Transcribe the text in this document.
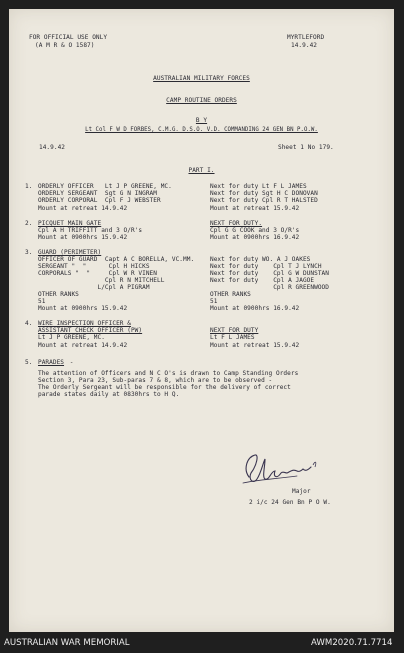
FOR OFFICIAL USE ONLY
(A M R & O 1587)
MYRTLEFORD
14.9.42
AUSTRALIAN MILITARY FORCES
CAMP ROUTINE ORDERS
B Y
Lt Col F W D FORBES, C.M.G. D.S.O. V.D. COMMANDING 24 GEN BN P.O.W.
14.9.42	Sheet 1 No 179.
PART I.
1. ORDERLY OFFICER   Lt J P GREENE, MC.
ORDERLY SERGEANT  Sgt G N INGRAM
ORDERLY CORPORAL  Cpl F J WEBSTER
Mount at retreat 14.9.42
Next for duty Lt F L JAMES
Next for duty Sgt H C DONOVAN
Next for duty Cpl R T HALSTED
Mount at retreat 15.9.42
2. PICQUET MAIN GATE
Cpl A H TRIFFITT and 3 O/R's
Mount at 0900hrs 15.9.42
NEXT FOR DUTY.
Cpl G G COOK and 3 O/R's
Mount at 0900hrs 16.9.42
3. GUARD (PERIMETER)
OFFICER OF GUARD  Capt A C BORELLA, VC.MM.
SERGEANT "  "      Cpl H HICKS
CORPORALS "  "     Cpl W R VINEN
Cpl R N MITCHELL
L/Cpl A PIGRAM
OTHER RANKS
51
Mount at 0900hrs 15.9.42
Next for duty WO. A J OAKES
Next for duty    Cpl T J LYNCH
Next for duty    Cpl G W DUNSTAN
Next for duty    Cpl A JAGOE
Cpl R GREENWOOD
OTHER RANKS
51
Mount at 0900hrs 16.9.42
4. WIRE INSPECTION OFFICER &
ASSISTANT CHECK OFFICER (PW)
Lt J P GREENE, MC.
Mount at retreat 14.9.42
NEXT FOR DUTY
Lt F L JAMES
Mount at retreat 15.9.42
5. PARADES -
The attention of Officers and N C O's is drawn to Camp Standing Orders
Section 3, Para 23, Sub-paras 7 & 8, which are to be observed -
The Orderly Sergeant will be responsible for the delivery of correct
parade states daily at 0830hrs to H Q.
Major
2 i/c 24 Gen Bn P O W.
AUSTRALIAN WAR MEMORIAL	AWM2020.71.7714
